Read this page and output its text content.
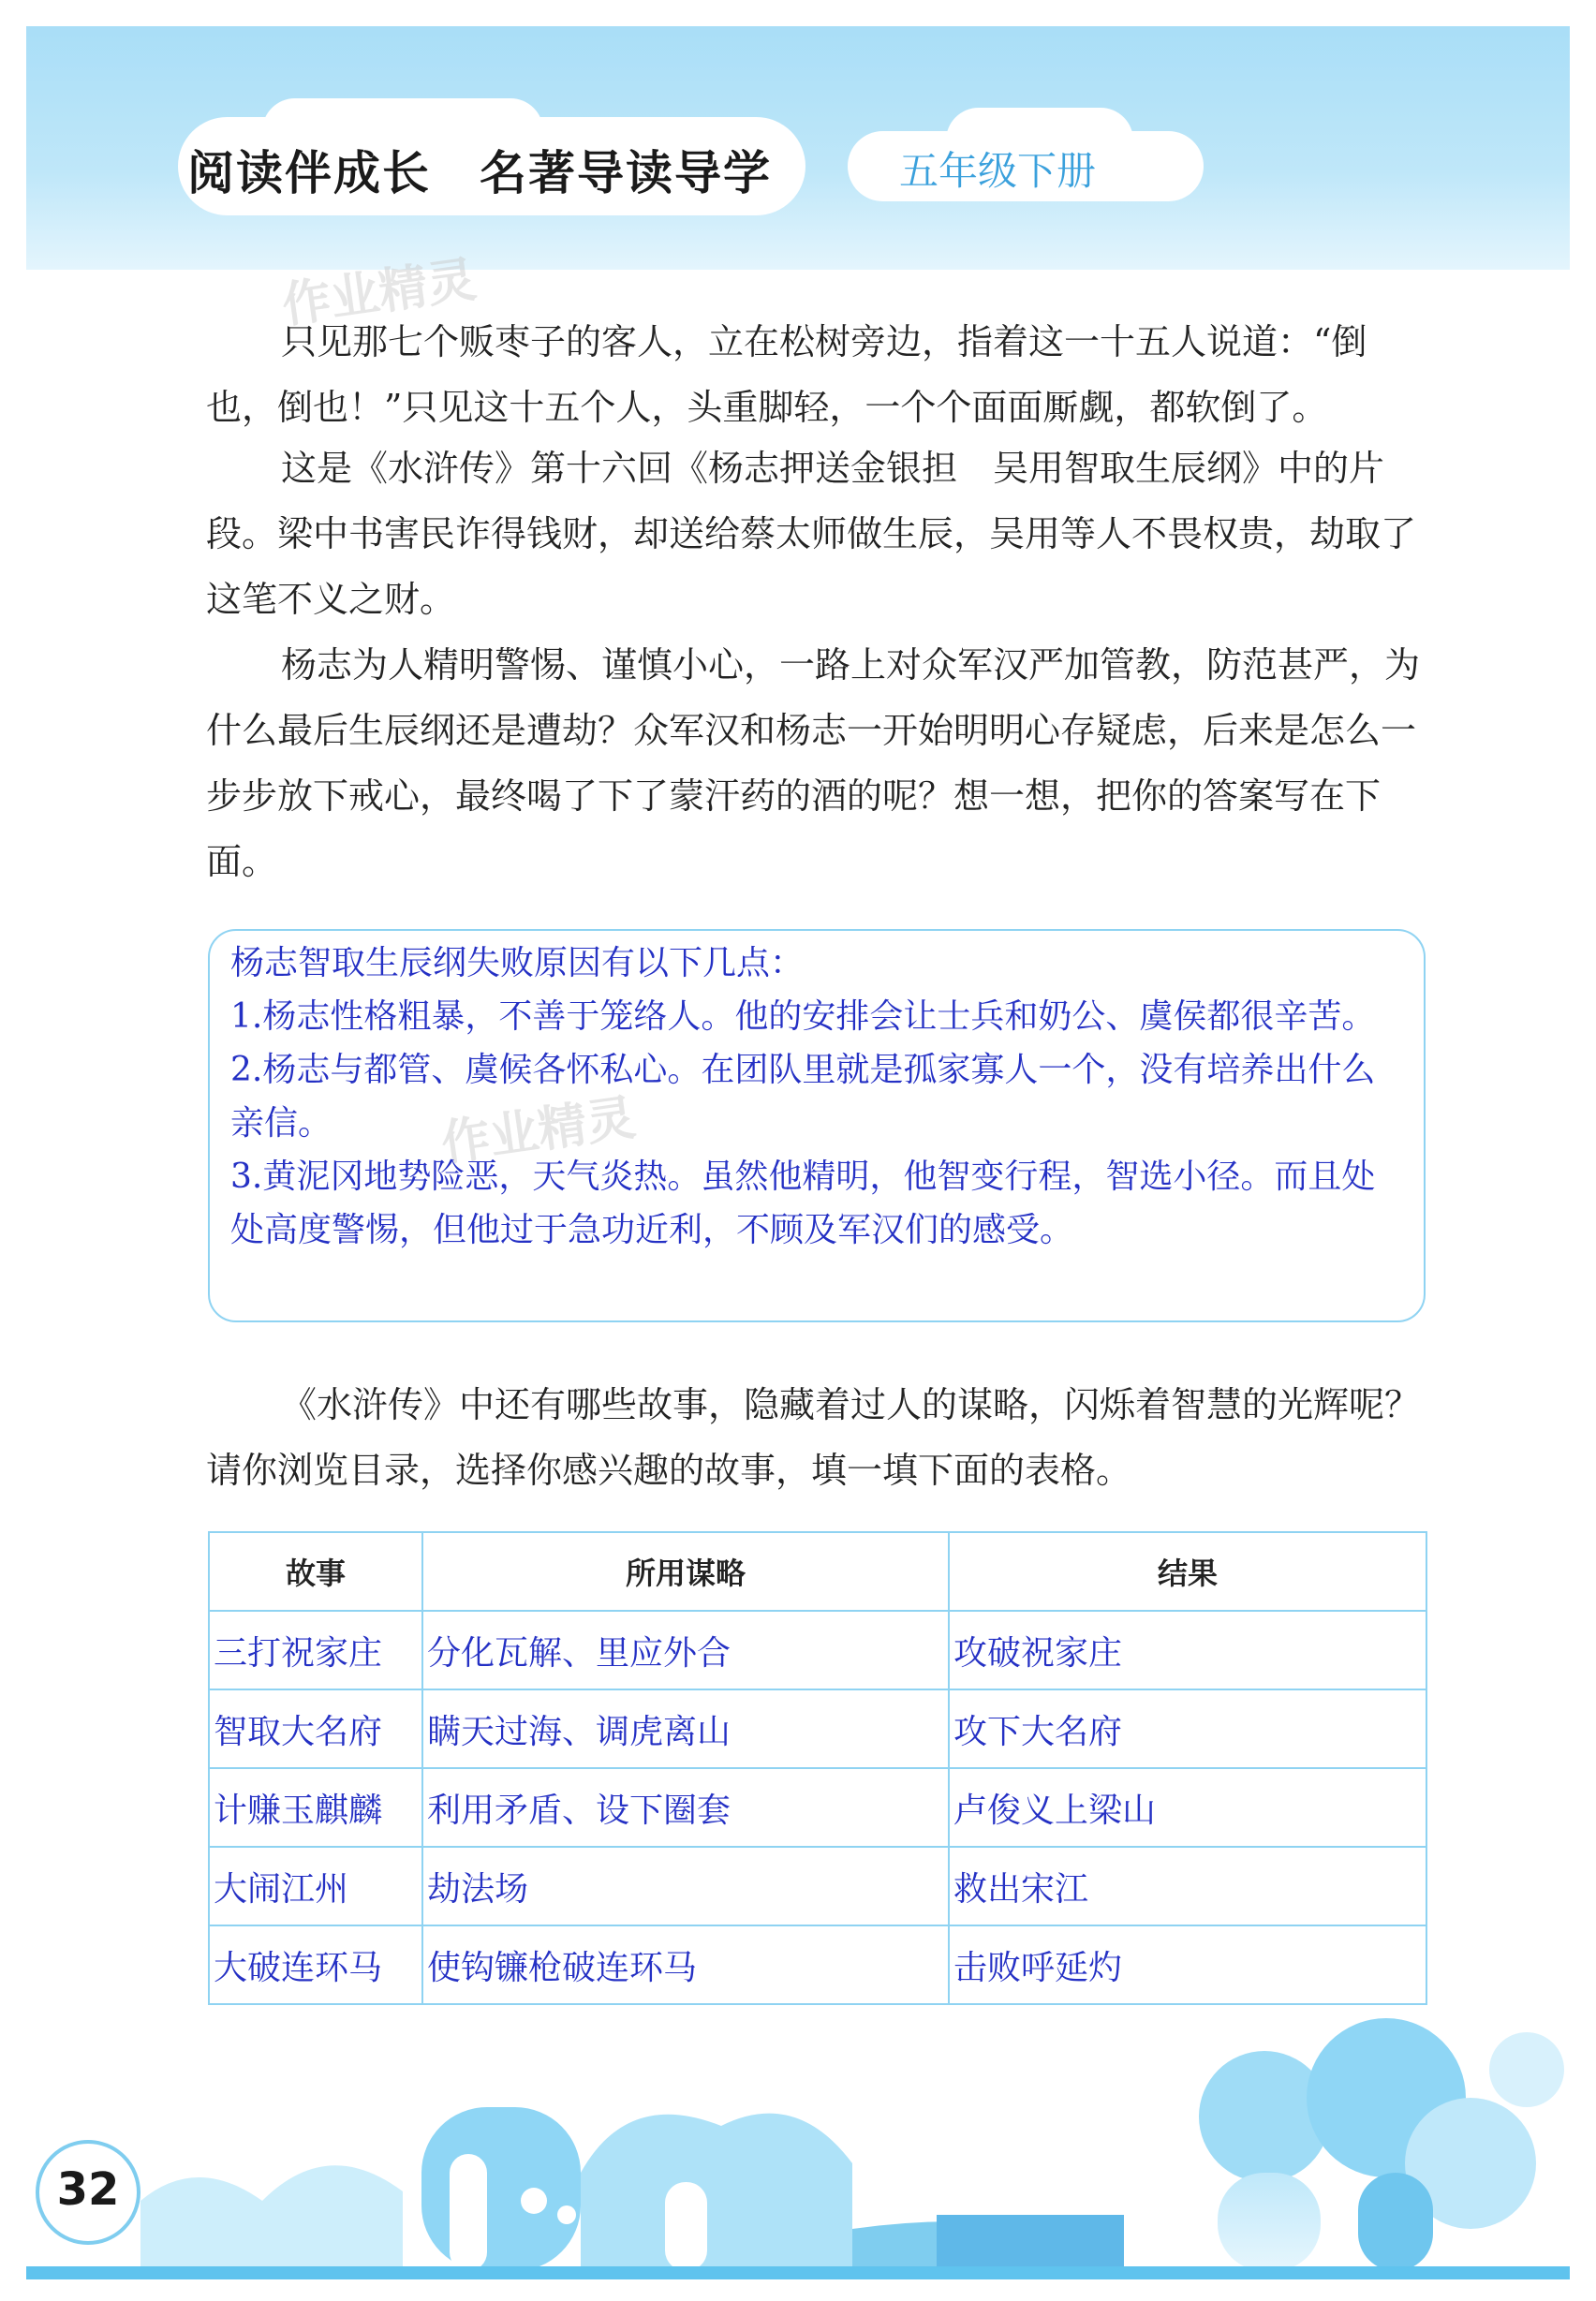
阅读伴成长　名著导读导学	五年级下册
作业精灵
作业精灵

只见那七个贩枣子的客人，立在松树旁边，指着这一十五人说道：“倒也，倒也！”只见这十五个人，头重脚轻，一个个面面厮觑，都软倒了。

这是《水浒传》第十六回《杨志押送金银担　吴用智取生辰纲》中的片段。梁中书害民诈得钱财，却送给蔡太师做生辰，吴用等人不畏权贵，劫取了这笔不义之财。

杨志为人精明警惕、谨慎小心，一路上对众军汉严加管教，防范甚严，为什么最后生辰纲还是遭劫？众军汉和杨志一开始明明心存疑虑，后来是怎么一步步放下戒心，最终喝了下了蒙汗药的酒的呢？想一想，把你的答案写在下面。

杨志智取生辰纲失败原因有以下几点：

1.杨志性格粗暴，不善于笼络人。他的安排会让士兵和奶公、虞侯都很辛苦。

2.杨志与都管、虞候各怀私心。在团队里就是孤家寡人一个，没有培养出什么亲信。

3.黄泥冈地势险恶，天气炎热。虽然他精明，他智变行程，智选小径。而且处处高度警惕，但他过于急功近利，不顾及军汉们的感受。

《水浒传》中还有哪些故事，隐藏着过人的谋略，闪烁着智慧的光辉呢？请你浏览目录，选择你感兴趣的故事，填一填下面的表格。

故事	所用谋略	结果
三打祝家庄	分化瓦解、里应外合	攻破祝家庄
智取大名府	瞒天过海、调虎离山	攻下大名府
计赚玉麒麟	利用矛盾、设下圈套	卢俊义上梁山
大闹江州	劫法场	救出宋江
大破连环马	使钩镰枪破连环马	击败呼延灼
32
